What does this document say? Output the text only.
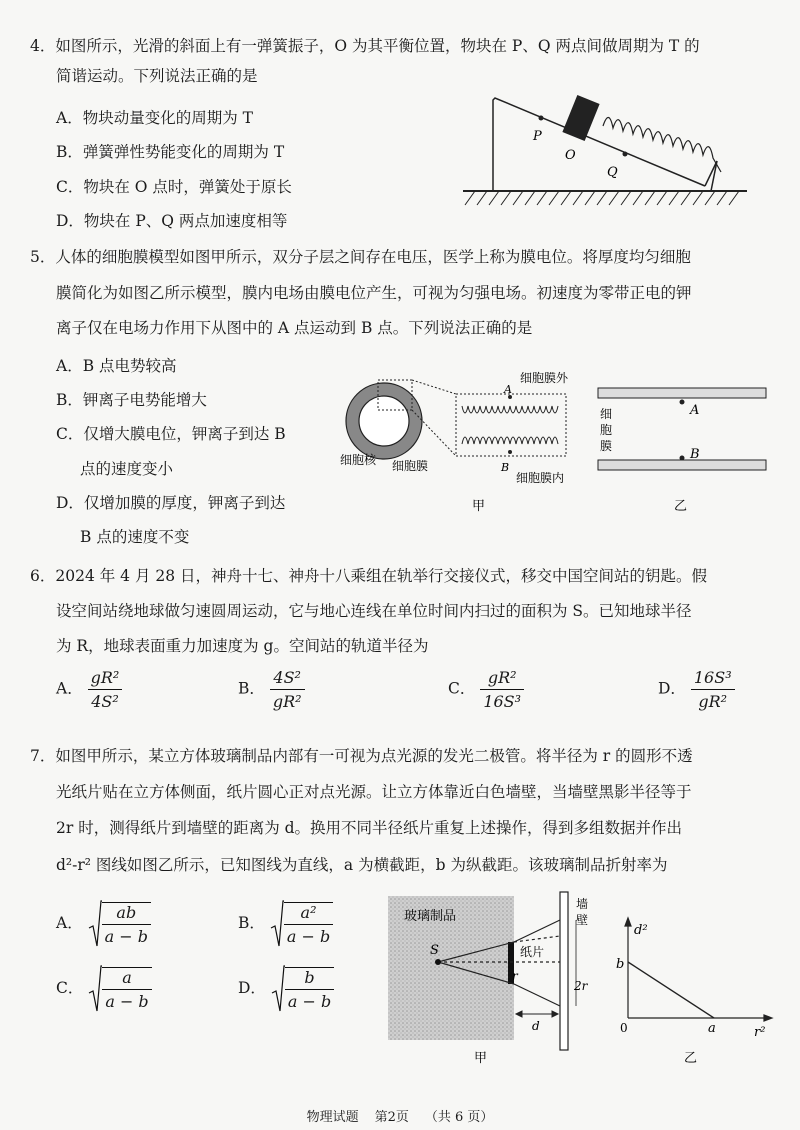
4．如图所示，光滑的斜面上有一弹簧振子，O 为其平衡位置，物块在 P、Q 两点间做周期为 T 的
简谐运动。下列说法正确的是
A．物块动量变化的周期为 T
B．弹簧弹性势能变化的周期为 T
C．物块在 O 点时，弹簧处于原长
D．物块在 P、Q 两点加速度相等
P
O
Q
5．人体的细胞膜模型如图甲所示，双分子层之间存在电压，医学上称为膜电位。将厚度均匀细胞
膜简化为如图乙所示模型，膜内电场由膜电位产生，可视为匀强电场。初速度为零带正电的钾
离子仅在电场力作用下从图中的 A 点运动到 B 点。下列说法正确的是
A．B 点电势较高
B．钾离子电势能增大
C．仅增大膜电位，钾离子到达 B
点的速度变小
D．仅增加膜的厚度，钾离子到达
B 点的速度不变
细胞膜外
A
B
细胞膜内
细胞核 细胞膜
甲
A
B
细
胞
膜
乙
6．2024 年 4 月 28 日，神舟十七、神舟十八乘组在轨举行交接仪式，移交中国空间站的钥匙。假
设空间站绕地球做匀速圆周运动，它与地心连线在单位时间内扫过的面积为 S。已知地球半径
为 R，地球表面重力加速度为 g。空间站的轨道半径为
A． $\frac{\text{gR²}}{\text{4S²}}$	B． $\frac{\text{4S²}}{\text{gR²}}$	C． $\frac{\text{gR²}}{\text{16S³}}$	D． $\frac{\text{16S³}}{\text{gR²}}$
7．如图甲所示，某立方体玻璃制品内部有一可视为点光源的发光二极管。将半径为 r 的圆形不透
光纸片贴在立方体侧面，纸片圆心正对点光源。让立方体靠近白色墙壁，当墙壁黑影半径等于
2r 时，测得纸片到墙壁的距离为 d。换用不同半径纸片重复上述操作，得到多组数据并作出
d²-r² 图线如图乙所示，已知图线为直线，a 为横截距，b 为纵截距。该玻璃制品折射率为
A． $\frac{ab}{a - b}$	B． $\frac{\text{a²}}{a - b}$
C． $\frac{a}{a - b}$	D． $\frac{b}{a - b}$
玻璃制品
墙
壁
纸片
S
r
2r
d
甲
d²
r²
0	a
b
乙
物理试题 第2页 （共 6 页）
